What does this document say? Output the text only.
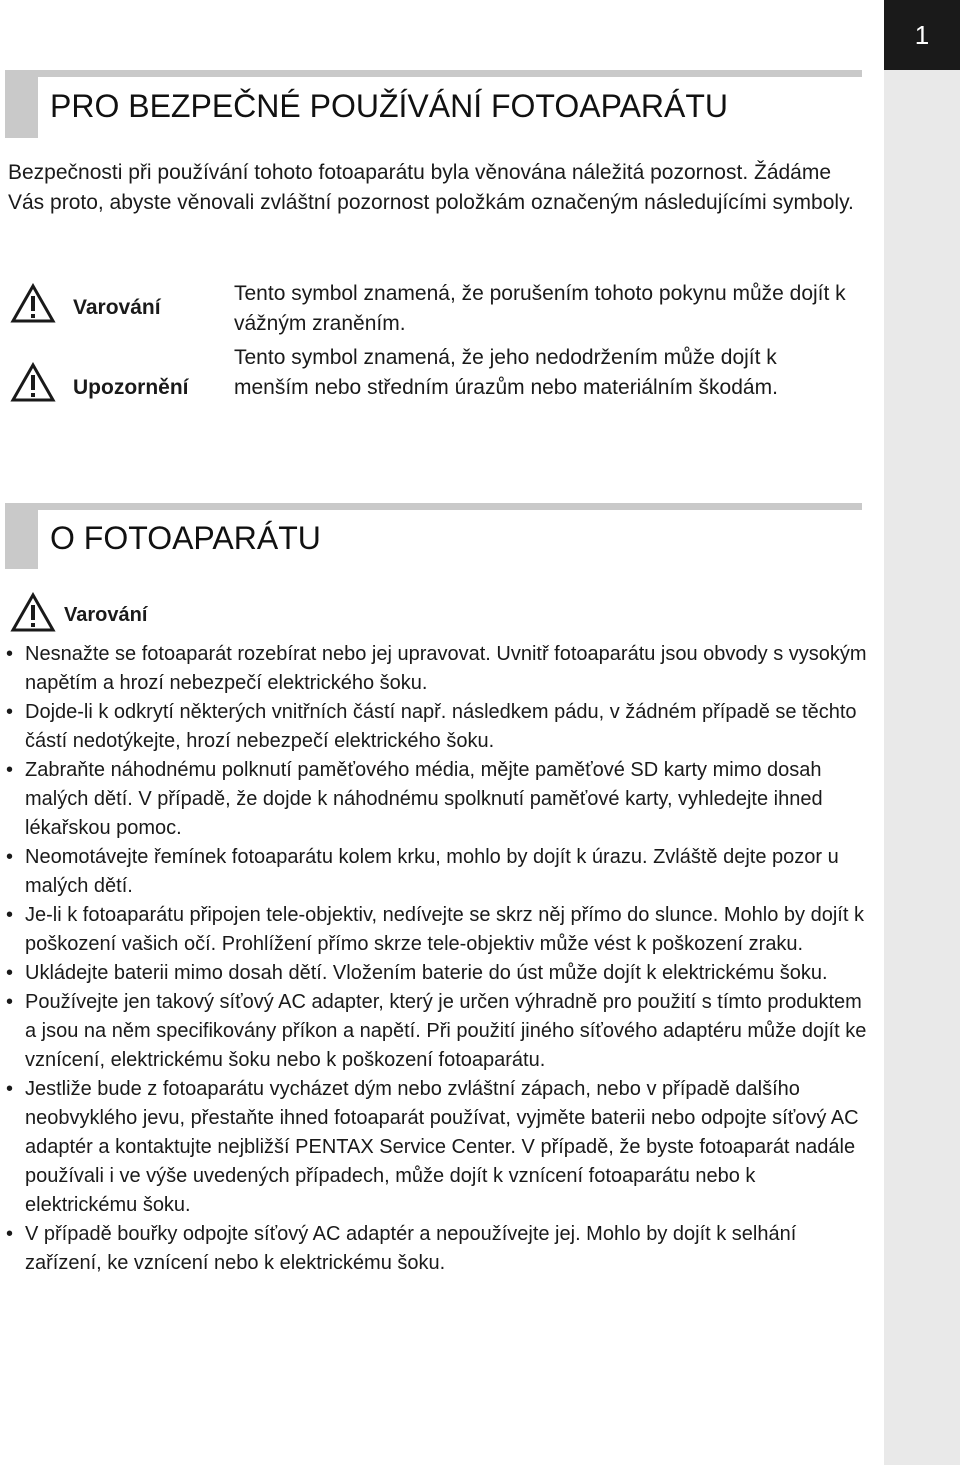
1
PRO BEZPEČNÉ POUŽÍVÁNÍ FOTOAPARÁTU

Bezpečnosti při používání tohoto fotoaparátu byla věnována náležitá pozornost. Žádáme Vás proto, abyste věnovali zvláštní pozornost položkám označeným následujícími symboly.

Varování

Tento symbol znamená, že porušením tohoto pokynu může dojít k vážným zraněním.

Upozornění

Tento symbol znamená, že jeho nedodržením může dojít k menším nebo středním úrazům nebo materiálním škodám.

O FOTOAPARÁTU
Varování
• Nesnažte se fotoaparát rozebírat nebo jej upravovat. Uvnitř fotoaparátu jsou obvody s vysokým napětím a hrozí nebezpečí elektrického šoku.
• Dojde-li k odkrytí některých vnitřních částí např. následkem pádu, v žádném případě se těchto částí nedotýkejte, hrozí nebezpečí elektrického šoku.
• Zabraňte náhodnému polknutí paměťového média, mějte paměťové SD karty mimo dosah malých dětí. V případě, že dojde k náhodnému spolknutí paměťové karty, vyhledejte ihned lékařskou pomoc.
• Neomotávejte řemínek fotoaparátu kolem krku, mohlo by dojít k úrazu. Zvláště dejte pozor u malých dětí.
• Je-li k fotoaparátu připojen tele-objektiv, nedívejte se skrz něj přímo do slunce. Mohlo by dojít k poškození vašich očí. Prohlížení přímo skrze tele-objektiv může vést k poškození zraku.
• Ukládejte baterii mimo dosah dětí. Vložením baterie do úst může dojít k elektrickému šoku.
• Používejte jen takový síťový AC adapter, který je určen výhradně pro použití s tímto produktem a jsou na něm specifikovány příkon a napětí. Při použití jiného síťového adaptéru může dojít ke vznícení, elektrickému šoku nebo k poškození fotoaparátu.
• Jestliže bude z fotoaparátu vycházet dým nebo zvláštní zápach, nebo v případě dalšího neobvyklého jevu, přestaňte ihned fotoaparát používat, vyjměte baterii nebo odpojte síťový AC adaptér a kontaktujte nejbližší PENTAX Service Center. V případě, že byste fotoaparát nadále používali i ve výše uvedených případech, může dojít k vznícení fotoaparátu nebo k elektrickému šoku.
• V případě bouřky odpojte síťový AC adaptér a nepoužívejte jej. Mohlo by dojít k selhání zařízení, ke vznícení nebo k elektrickému šoku.
